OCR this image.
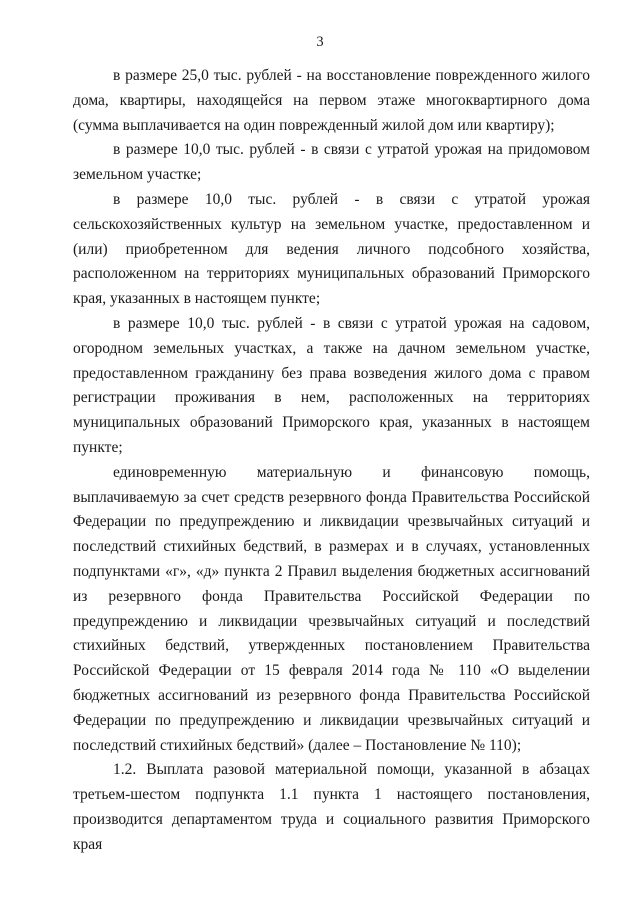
3

в размере 25,0 тыс. рублей - на восстановление поврежденного жилого дома, квартиры, находящейся на первом этаже многоквартирного дома (сумма выплачивается на один поврежденный жилой дом или квартиру);

в размере 10,0 тыс. рублей - в связи с утратой урожая на придомовом земельном участке;

в размере 10,0 тыс. рублей - в связи с утратой урожая сельскохозяйственных культур на земельном участке, предоставленном и (или) приобретенном для ведения личного подсобного хозяйства, расположенном на территориях муниципальных образований Приморского края, указанных в настоящем пункте;

в размере 10,0 тыс. рублей - в связи с утратой урожая на садовом, огородном земельных участках, а также на дачном земельном участке, предоставленном гражданину без права возведения жилого дома с правом регистрации проживания в нем, расположенных на территориях муниципальных образований Приморского края, указанных в настоящем пункте;

единовременную материальную и финансовую помощь, выплачиваемую за счет средств резервного фонда Правительства Российской Федерации по предупреждению и ликвидации чрезвычайных ситуаций и последствий стихийных бедствий, в размерах и в случаях, установленных подпунктами «г», «д» пункта 2 Правил выделения бюджетных ассигнований из резервного фонда Правительства Российской Федерации по предупреждению и ликвидации чрезвычайных ситуаций и последствий стихийных бедствий, утвержденных постановлением Правительства Российской Федерации от 15 февраля 2014 года № 110 «О выделении бюджетных ассигнований из резервного фонда Правительства Российской Федерации по предупреждению и ликвидации чрезвычайных ситуаций и последствий стихийных бедствий» (далее – Постановление № 110);

1.2. Выплата разовой материальной помощи, указанной в абзацах третьем-шестом подпункта 1.1 пункта 1 настоящего постановления, производится департаментом труда и социального развития Приморского края
